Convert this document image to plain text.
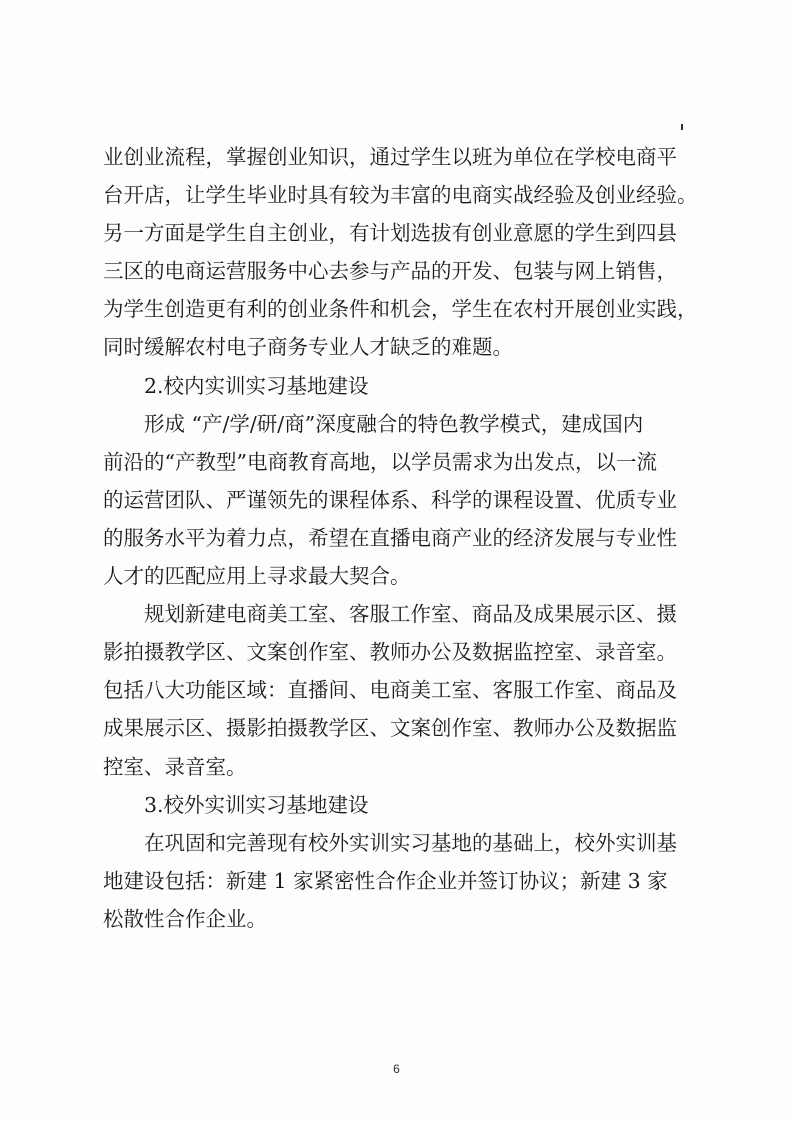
业创业流程，掌握创业知识，通过学生以班为单位在学校电商平
台开店，让学生毕业时具有较为丰富的电商实战经验及创业经验。
另一方面是学生自主创业，有计划选拔有创业意愿的学生到四县
三区的电商运营服务中心去参与产品的开发、包装与网上销售，
为学生创造更有利的创业条件和机会，学生在农村开展创业实践，
同时缓解农村电子商务专业人才缺乏的难题。
2.校内实训实习基地建设
形成 “产/学/研/商”深度融合的特色教学模式，建成国内
前沿的“产教型”电商教育高地，以学员需求为出发点，以一流
的运营团队、严谨领先的课程体系、科学的课程设置、优质专业
的服务水平为着力点，希望在直播电商产业的经济发展与专业性
人才的匹配应用上寻求最大契合。
规划新建电商美工室、客服工作室、商品及成果展示区、摄
影拍摄教学区、文案创作室、教师办公及数据监控室、录音室。
包括八大功能区域：直播间、电商美工室、客服工作室、商品及
成果展示区、摄影拍摄教学区、文案创作室、教师办公及数据监
控室、录音室。
3.校外实训实习基地建设
在巩固和完善现有校外实训实习基地的基础上，校外实训基
地建设包括：新建 1 家紧密性合作企业并签订协议；新建 3 家
松散性合作企业。
6
